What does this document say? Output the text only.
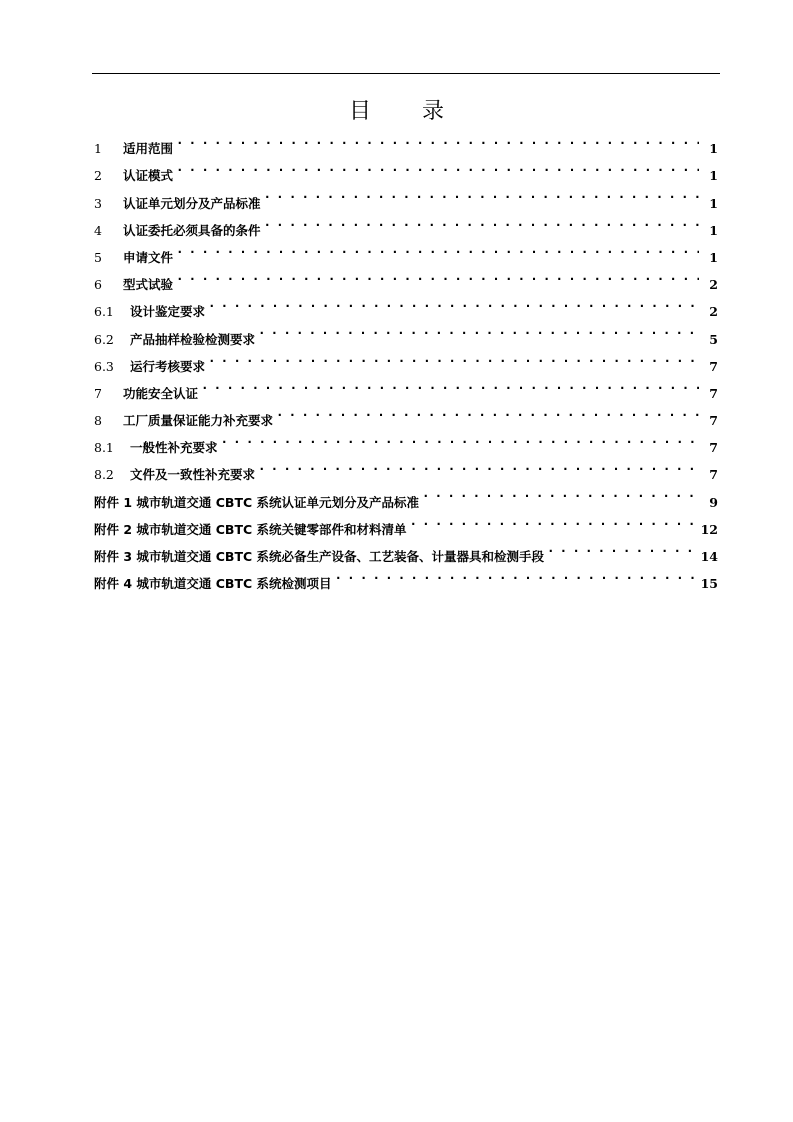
目 录
1	适用范围 . . .	1
2	认证模式 . . .	1
3	认证单元划分及产品标准 . . .	1
4	认证委托必须具备的条件 . . .	1
5	申请文件 . . .	1
6	型式试验 . . .	2
6.1	设计鉴定要求 . . .	2
6.2	产品抽样检验检测要求 . . .	5
6.3	运行考核要求 . . .	7
7	功能安全认证 . . .	7
8	工厂质量保证能力补充要求 . . .	7
8.1	一般性补充要求 . . .	7
8.2	文件及一致性补充要求 . . .	7
附件 1 城市轨道交通 CBTC 系统认证单元划分及产品标准 . . .	9
附件 2 城市轨道交通 CBTC 系统关键零部件和材料清单 . . .	12
附件 3 城市轨道交通 CBTC 系统必备生产设备、工艺装备、计量器具和检测手段 . . .	14
附件 4 城市轨道交通 CBTC 系统检测项目 . . .	15
